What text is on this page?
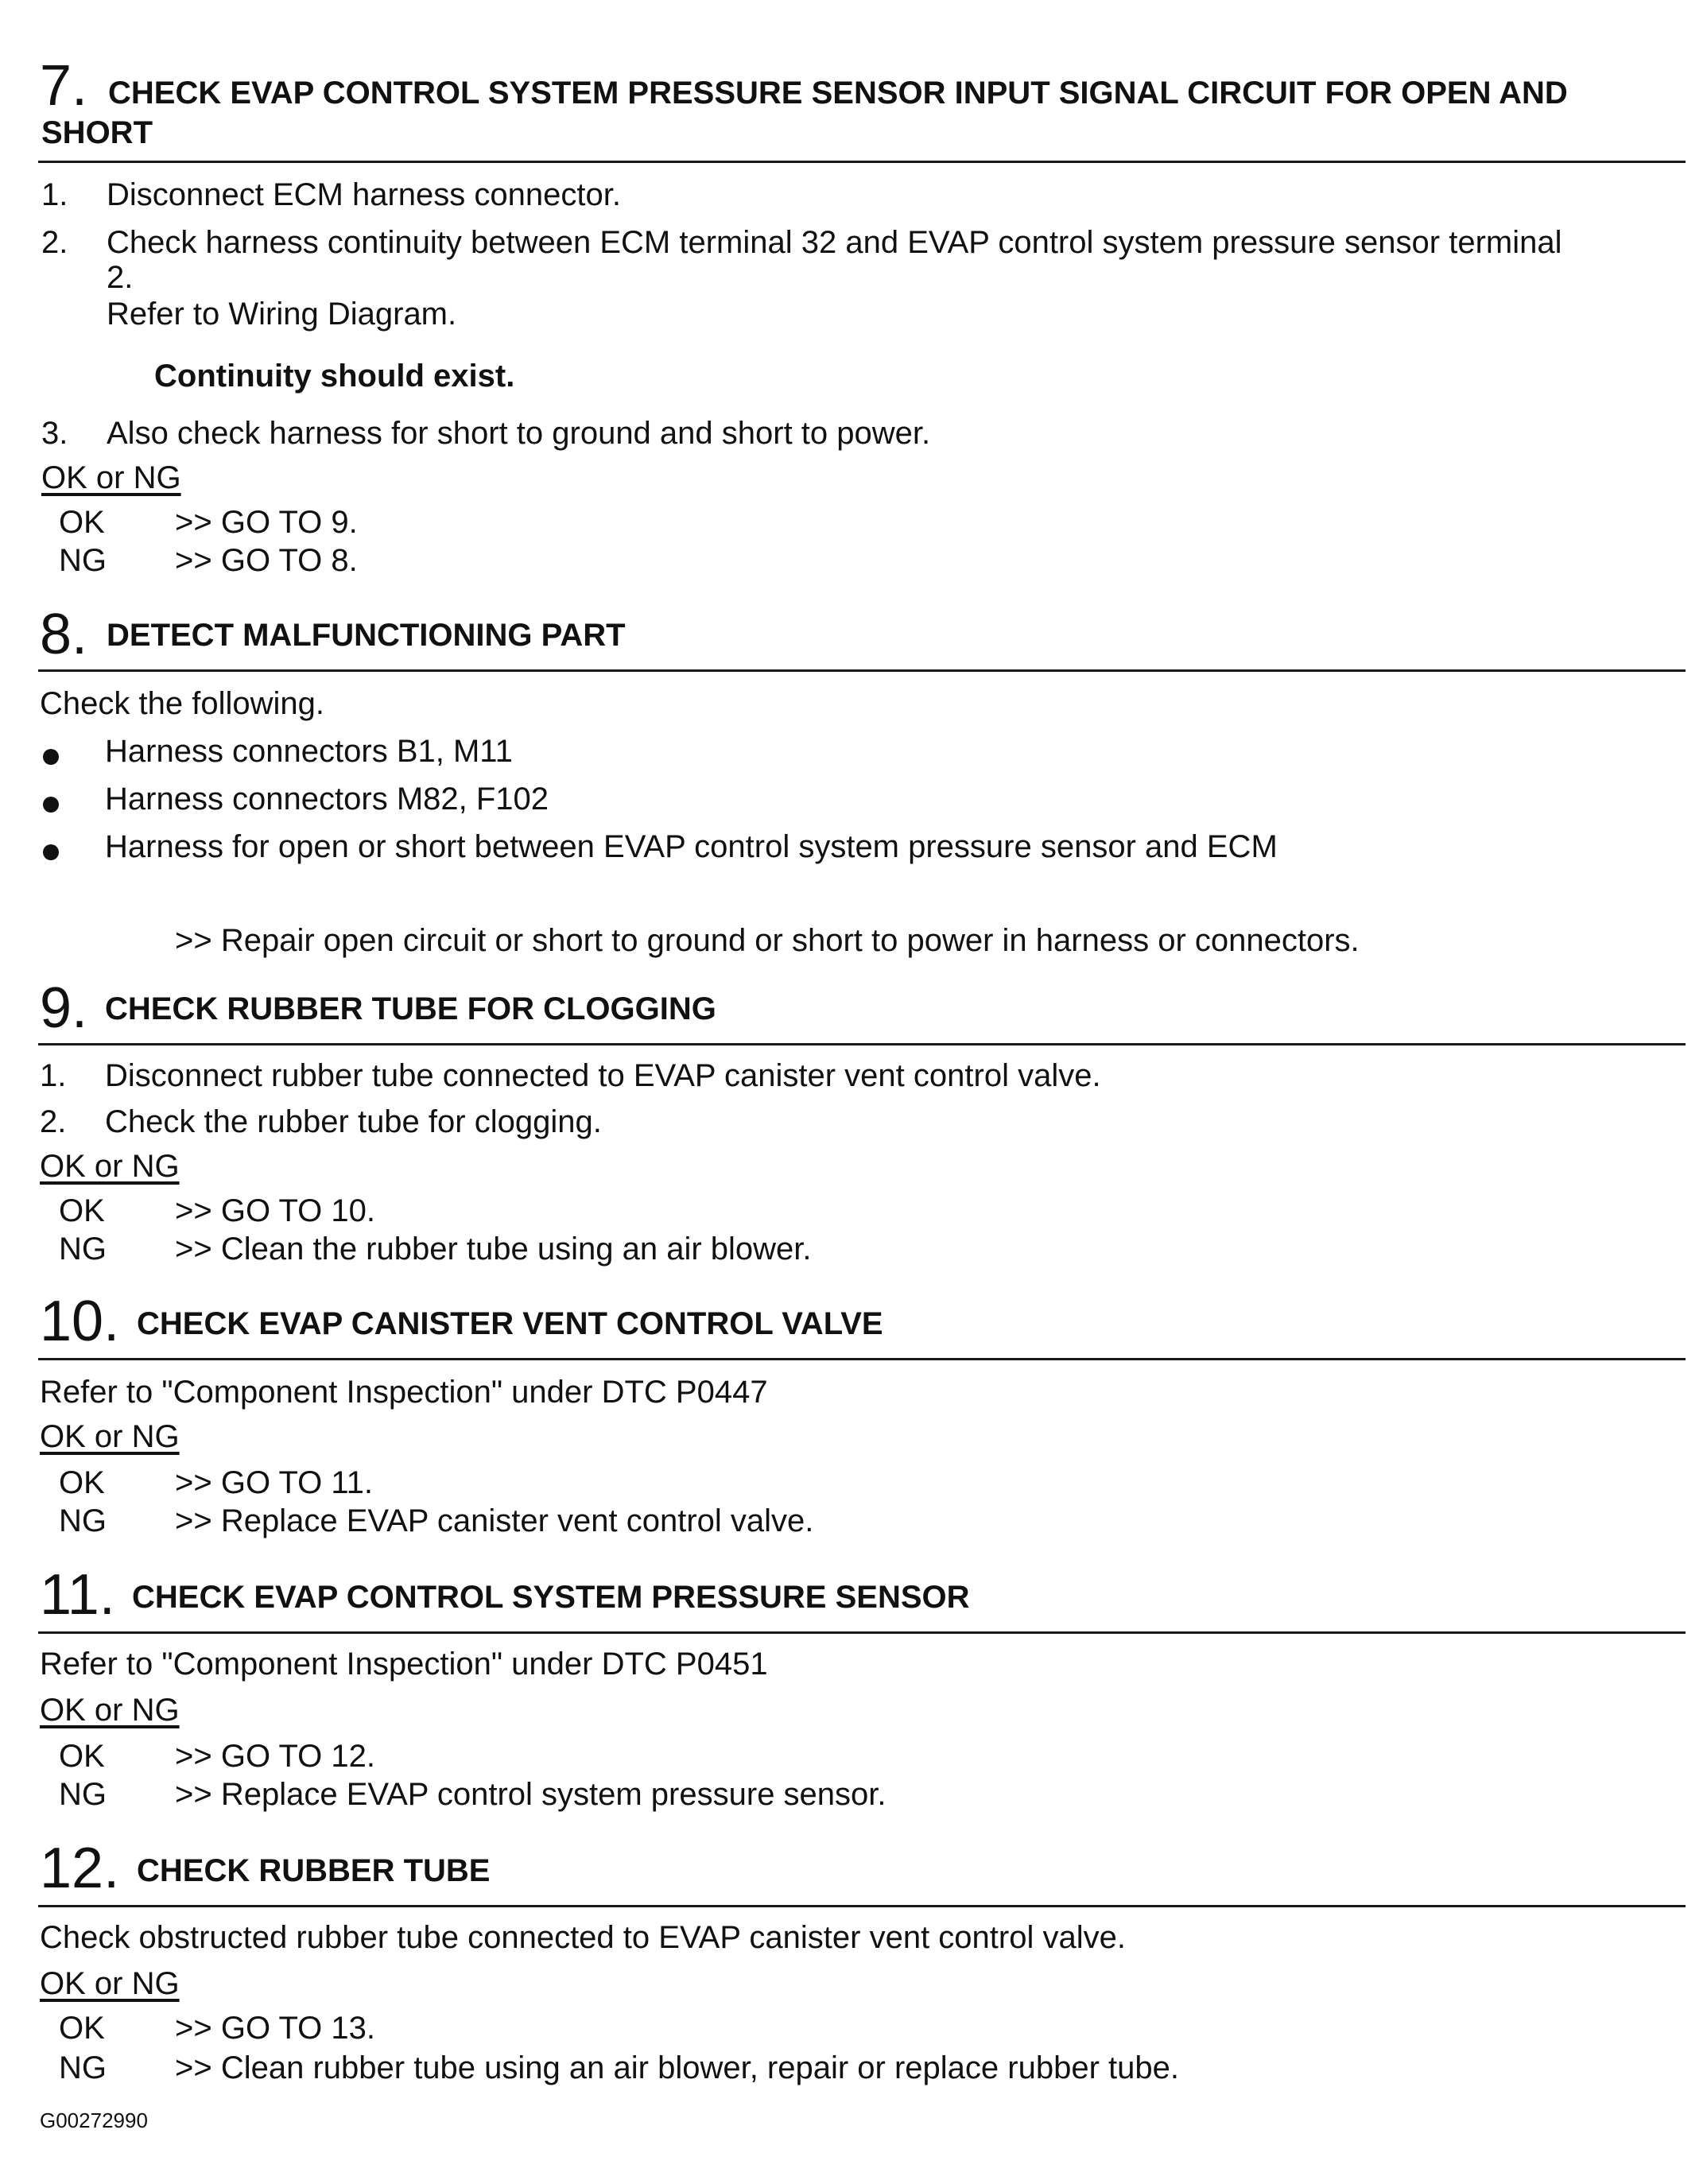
7. CHECK EVAP CONTROL SYSTEM PRESSURE SENSOR INPUT SIGNAL CIRCUIT FOR OPEN AND
SHORT
1. Disconnect ECM harness connector.
2. Check harness continuity between ECM terminal 32 and EVAP control system pressure sensor terminal
2.
Refer to Wiring Diagram.
Continuity should exist.
3. Also check harness for short to ground and short to power.
OK or NG
OK >> GO TO 9.
NG >> GO TO 8.
8. DETECT MALFUNCTIONING PART
Check the following.
Harness connectors B1, M11
Harness connectors M82, F102
Harness for open or short between EVAP control system pressure sensor and ECM
>> Repair open circuit or short to ground or short to power in harness or connectors.
9. CHECK RUBBER TUBE FOR CLOGGING
1. Disconnect rubber tube connected to EVAP canister vent control valve.
2. Check the rubber tube for clogging.
OK or NG
OK >> GO TO 10.
NG >> Clean the rubber tube using an air blower.
10. CHECK EVAP CANISTER VENT CONTROL VALVE
Refer to "Component Inspection" under DTC P0447
OK or NG
OK >> GO TO 11.
NG >> Replace EVAP canister vent control valve.
11. CHECK EVAP CONTROL SYSTEM PRESSURE SENSOR
Refer to "Component Inspection" under DTC P0451
OK or NG
OK >> GO TO 12.
NG >> Replace EVAP control system pressure sensor.
12. CHECK RUBBER TUBE
Check obstructed rubber tube connected to EVAP canister vent control valve.
OK or NG
OK >> GO TO 13.
NG >> Clean rubber tube using an air blower, repair or replace rubber tube.
G00272990
